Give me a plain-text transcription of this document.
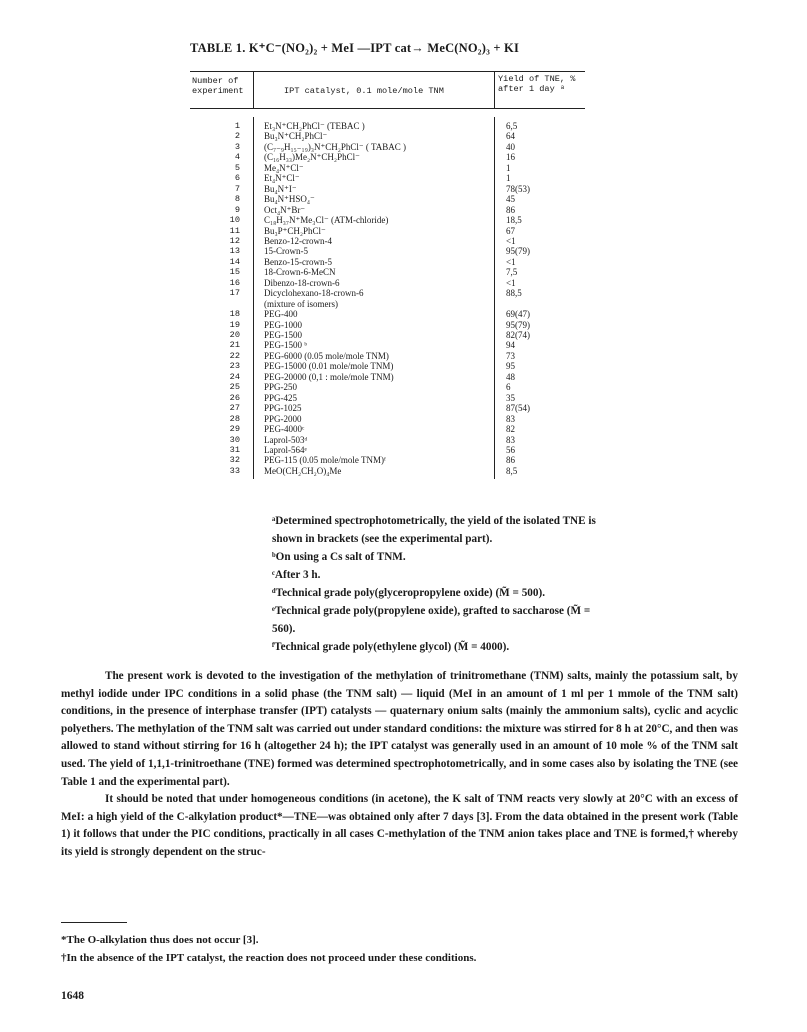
TABLE 1. K⁺C⁻(NO₂)₂ + MeI —IPT cat→ MeC(NO₂)₃ + KI
Number of experiment	IPT catalyst, 0.1 mole/mole TNM
Yield of TNE, % after 1 day ᵃ
1	Et₃N⁺CH₂PhCl⁻ (TEBAC )	6,5
2	Bu₃N⁺CH₂PhCl⁻	64
3	(C₇₋₉H₁₅₋₁₉)₃N⁺CH₂PhCl⁻ ( TABAC )	40
4	(C₁₆H₃₃)Me₂N⁺CH₂PhCl⁻	16
5	Me₄N⁺Cl⁻	1
6	Et₄N⁺Cl⁻	1
7	Bu₄N⁺I⁻	78(53)
8	Bu₄N⁺HSO₄⁻	45
9	Oct₄N⁺Br⁻	86
10	C₁₈H₃₇N⁺Me₃Cl⁻ (ATM-chloride)	18,5
11	Bu₃P⁺CH₂PhCl⁻	67
12	Benzo-12-crown-4	<1
13	15-Crown-5	95(79)
14	Benzo-15-crown-5	<1
15	18-Crown-6-MeCN	7,5
16	Dibenzo-18-crown-6	<1
17	Dicyclohexano-18-crown-6	88,5
(mixture of isomers)
18	PEG-400	69(47)
19	PEG-1000	95(79)
20	PEG-1500	82(74)
21	PEG-1500 ᵇ	94
22	PEG-6000 (0.05 mole/mole TNM)	73
23	PEG-15000 (0.01 mole/mole TNM)	95
24	PEG-20000 (0,1 : mole/mole TNM)	48
25	PPG-250	6
26	PPG-425	35
27	PPG-1025	87(54)
28	PPG-2000	83
29	PEG-4000ᶜ	82
30	Laprol-503ᵈ	83
31	Laprol-564ᵉ	56
32	PEG-115 (0.05 mole/mole TNM)ᶠ	86
33	MeO(CH₂CH₂O)₄Me	8,5
ᵃDetermined spectrophotometrically, the yield of the isolated TNE is shown in brackets (see the experimental part).
ᵇOn using a Cs salt of TNM.
ᶜAfter 3 h.
ᵈTechnical grade poly(glyceropropylene oxide) (M̃ = 500).
ᵉTechnical grade poly(propylene oxide), grafted to saccharose (M̃ = 560).
ᶠTechnical grade poly(ethylene glycol) (M̃ = 4000).

The present work is devoted to the investigation of the methylation of trinitromethane (TNM) salts, mainly the potassium salt, by methyl iodide under IPC conditions in a solid phase (the TNM salt) — liquid (MeI in an amount of 1 ml per 1 mmole of the TNM salt) conditions, in the presence of interphase transfer (IPT) catalysts — quaternary onium salts (mainly the ammonium salts), cyclic and acyclic polyethers. The methylation of the TNM salt was carried out under standard conditions: the mixture was stirred for 8 h at 20°C, and then was allowed to stand without stirring for 16 h (altogether 24 h); the IPT catalyst was generally used in an amount of 10 mole % of the TNM salt used. The yield of 1,1,1-trinitroethane (TNE) formed was determined spectrophotometrically, and in some cases also by isolating the TNE (see Table 1 and the experimental part).

It should be noted that under homogeneous conditions (in acetone), the K salt of TNM reacts very slowly at 20°C with an excess of MeI: a high yield of the C-alkylation product*—TNE—was obtained only after 7 days [3]. From the data obtained in the present work (Table 1) it follows that under the PIC conditions, practically in all cases C-methylation of the TNM anion takes place and TNE is formed,† whereby its yield is strongly dependent on the struc-

*The O-alkylation thus does not occur [3].
†In the absence of the IPT catalyst, the reaction does not proceed under these conditions.
1648
